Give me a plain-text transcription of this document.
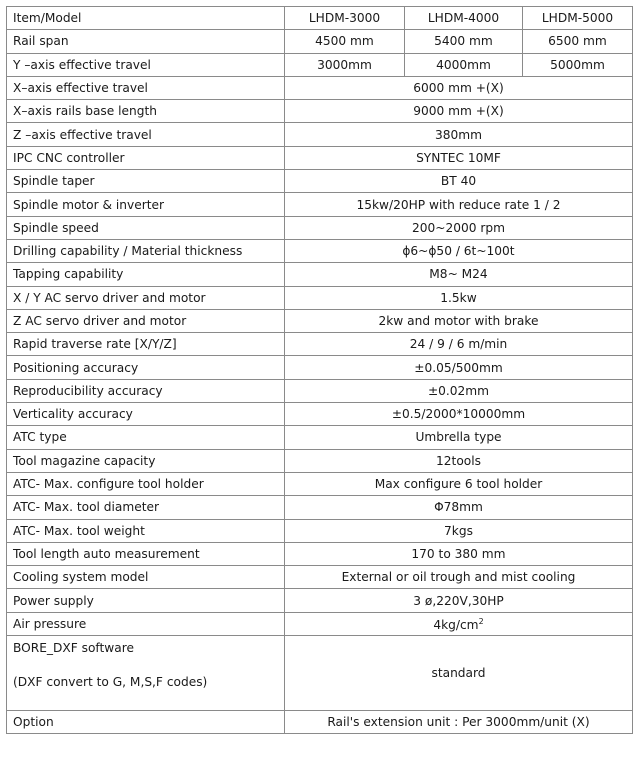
Item/Model	LHDM-3000	LHDM-4000	LHDM-5000
Rail span	4500 mm	5400 mm	6500 mm
Y –axis effective travel	3000mm	4000mm	5000mm
X–axis effective travel	6000 mm +(X)		
X–axis rails base length	9000 mm +(X)		
Z –axis effective travel	380mm		
IPC CNC controller	SYNTEC 10MF		
Spindle taper	BT 40		
Spindle motor & inverter	15kw/20HP with reduce rate 1 / 2		
Spindle speed	200~2000 rpm		
Drilling capability / Material thickness	ϕ6~ϕ50 / 6t~100t		
Tapping capability	M8~ M24		
X / Y AC servo driver and motor	1.5kw		
Z AC servo driver and motor	2kw and motor with brake		
Rapid traverse rate [X/Y/Z]	24 / 9 / 6 m/min		
Positioning accuracy	±0.05/500mm		
Reproducibility accuracy	±0.02mm		
Verticality accuracy	±0.5/2000*10000mm		
ATC type	Umbrella type		
Tool magazine capacity	12tools		
ATC- Max. configure tool holder	Max configure 6 tool holder		
ATC- Max. tool diameter	Φ78mm		
ATC- Max. tool weight	7kgs		
Tool length auto measurement	170 to 380 mm		
Cooling system model	External or oil trough and mist cooling		
Power supply	3 ø,220V,30HP		
Air pressure	$4kg/cm^2$
BORE_DXF software
(DXF convert to G, M,S,F codes)	standard		
Option	Rail's extension unit : Per 3000mm/unit (X)		
